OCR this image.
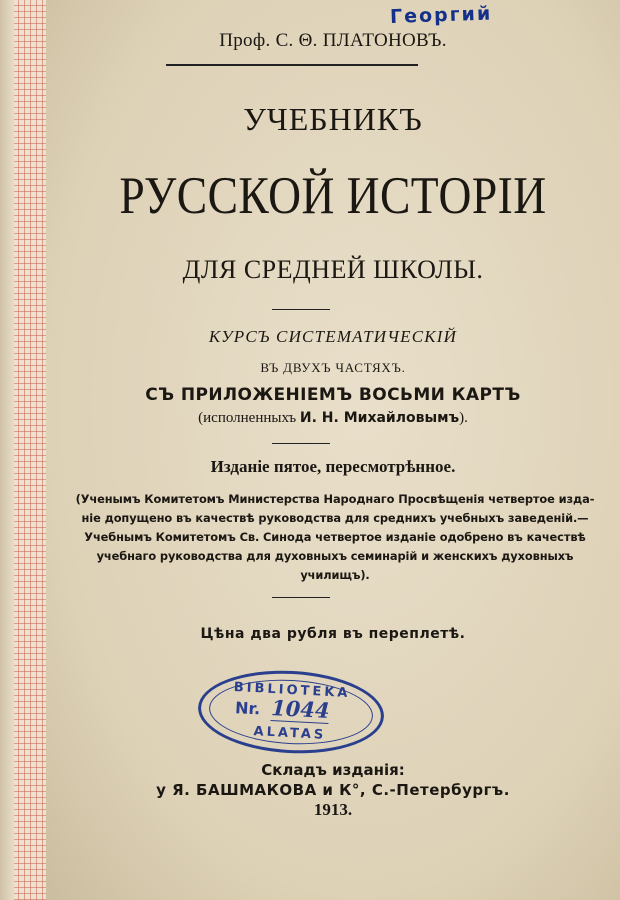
Георгий
Проф. С. Θ. ПЛАТОНОВЪ.
УЧЕБНИКЪ
РУССКОЙ ИСТОРІИ
ДЛЯ СРЕДНЕЙ ШКОЛЫ.
КУРСЪ СИСТЕМАТИЧЕСКІЙ
ВЪ ДВУХЪ ЧАСТЯХЪ.
СЪ ПРИЛОЖЕНІЕМЪ ВОСЬМИ КАРТЪ
(исполненныхъ И. Н. Михайловымъ).
Изданіе пятое, пересмотрѣнное.
(Ученымъ Комитетомъ Министерства Народнаго Просвѣщенія четвертое изда-
ніе допущено въ качествѣ руководства для среднихъ учебныхъ заведеній.—
Учебнымъ Комитетомъ Св. Синода четвертое изданіе одобрено въ качествѣ
учебнаго руководства для духовныхъ семинарій и женскихъ духовныхъ
училищъ).
Цѣна два рубля въ переплетѣ.
BIBLIOTEKA
Nr. 1044
ALATAS
Складъ изданія:
у Я. БАШМАКОВА и К°, С.-Петербургъ.
1913.
